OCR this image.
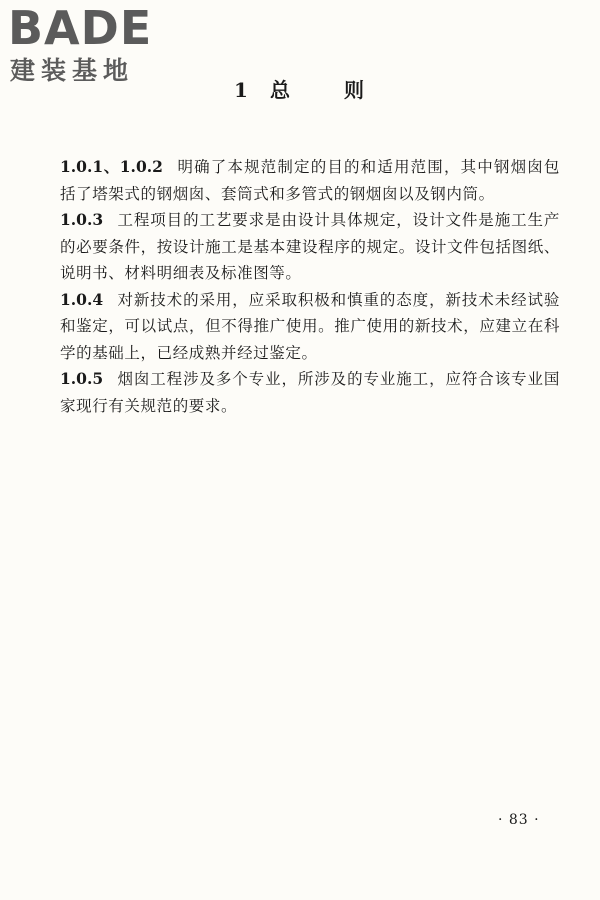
BADE
建装基地
1 总	则

1.0.1、1.0.2 明确了本规范制定的目的和适用范围，其中钢烟囱包括了塔架式的钢烟囱、套筒式和多管式的钢烟囱以及钢内筒。

1.0.3 工程项目的工艺要求是由设计具体规定，设计文件是施工生产的必要条件，按设计施工是基本建设程序的规定。设计文件包括图纸、说明书、材料明细表及标准图等。

1.0.4 对新技术的采用，应采取积极和慎重的态度，新技术未经试验和鉴定，可以试点，但不得推广使用。推广使用的新技术，应建立在科学的基础上，已经成熟并经过鉴定。

1.0.5 烟囱工程涉及多个专业，所涉及的专业施工，应符合该专业国家现行有关规范的要求。

· 83 ·
